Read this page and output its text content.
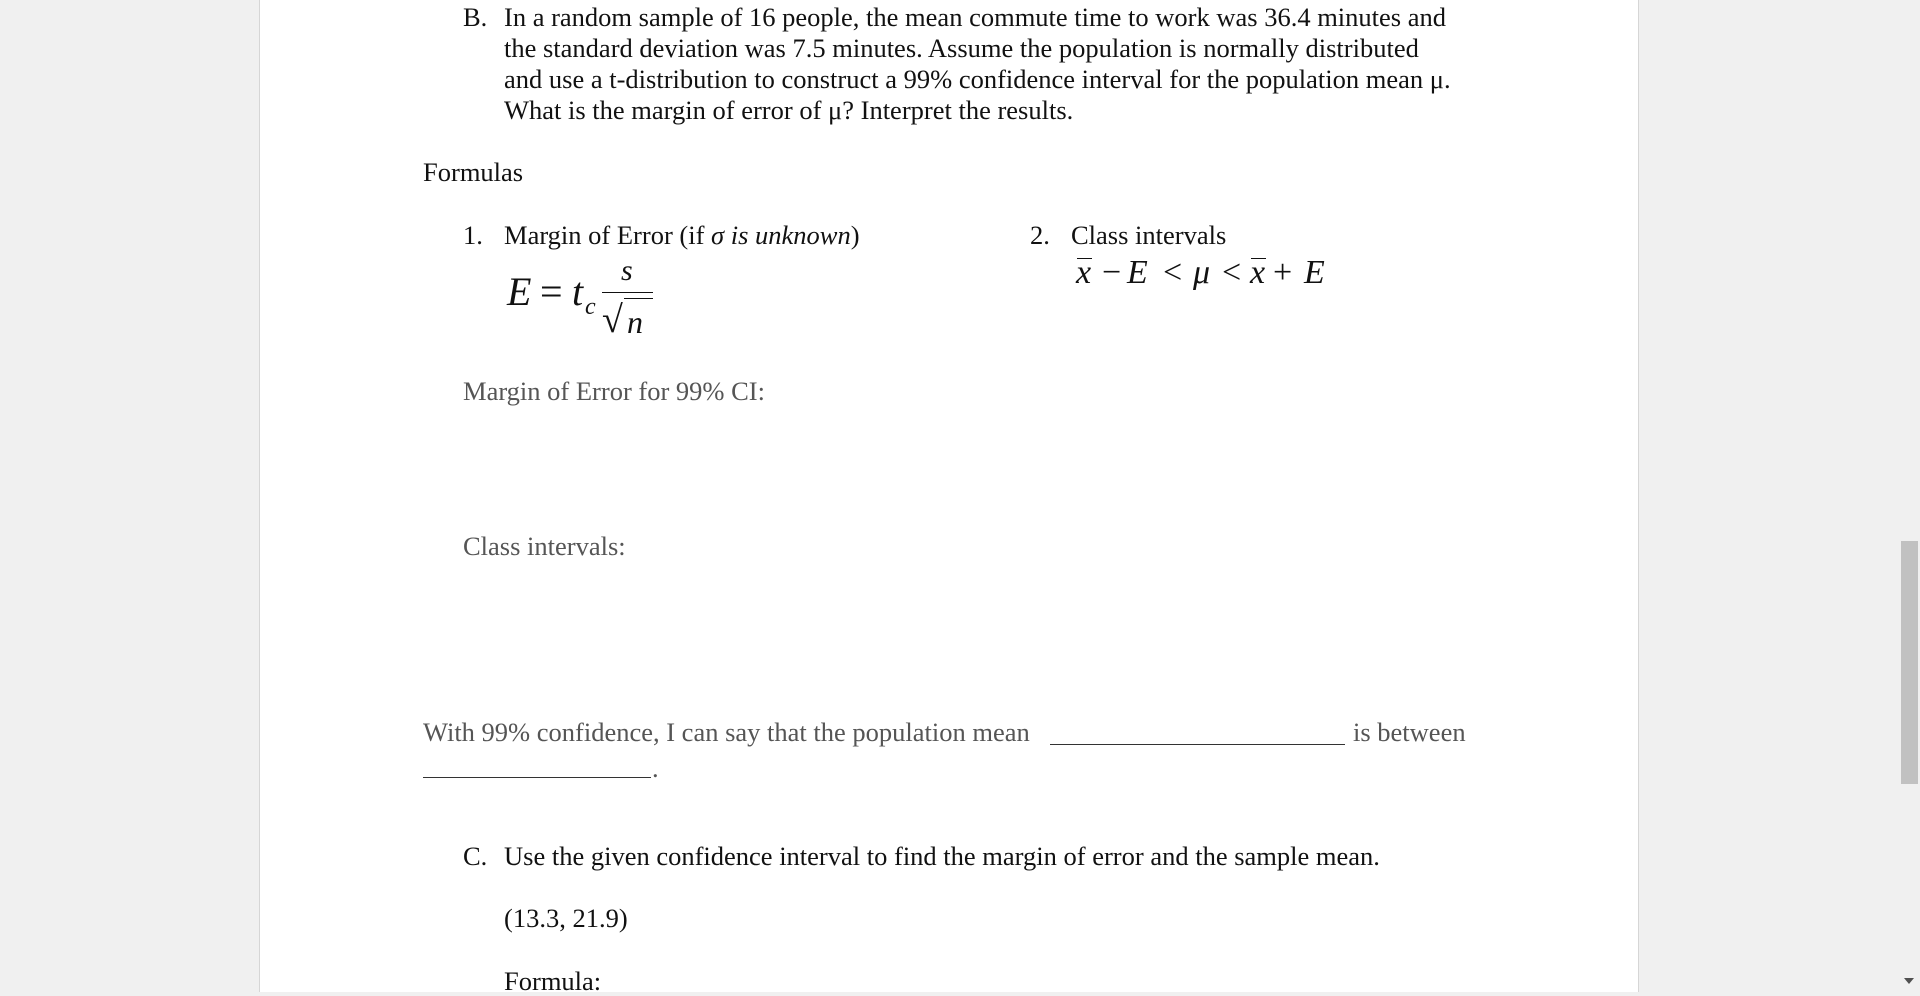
B. In a random sample of 16 people, the mean commute time to work was 36.4 minutes and
the standard deviation was 7.5 minutes. Assume the population is normally distributed
and use a t-distribution to construct a 99% confidence interval for the population mean μ.
What is the margin of error of μ? Interpret the results.
Formulas
1. Margin of Error (if σ is unknown)
E = t c
s
√ n
2. Class intervals
x − E < μ < x + E
Margin of Error for 99% CI:
Class intervals:
With 99% confidence, I can say that the population mean	is between
.
C. Use the given confidence interval to find the margin of error and the sample mean.
(13.3, 21.9)
Formula:
